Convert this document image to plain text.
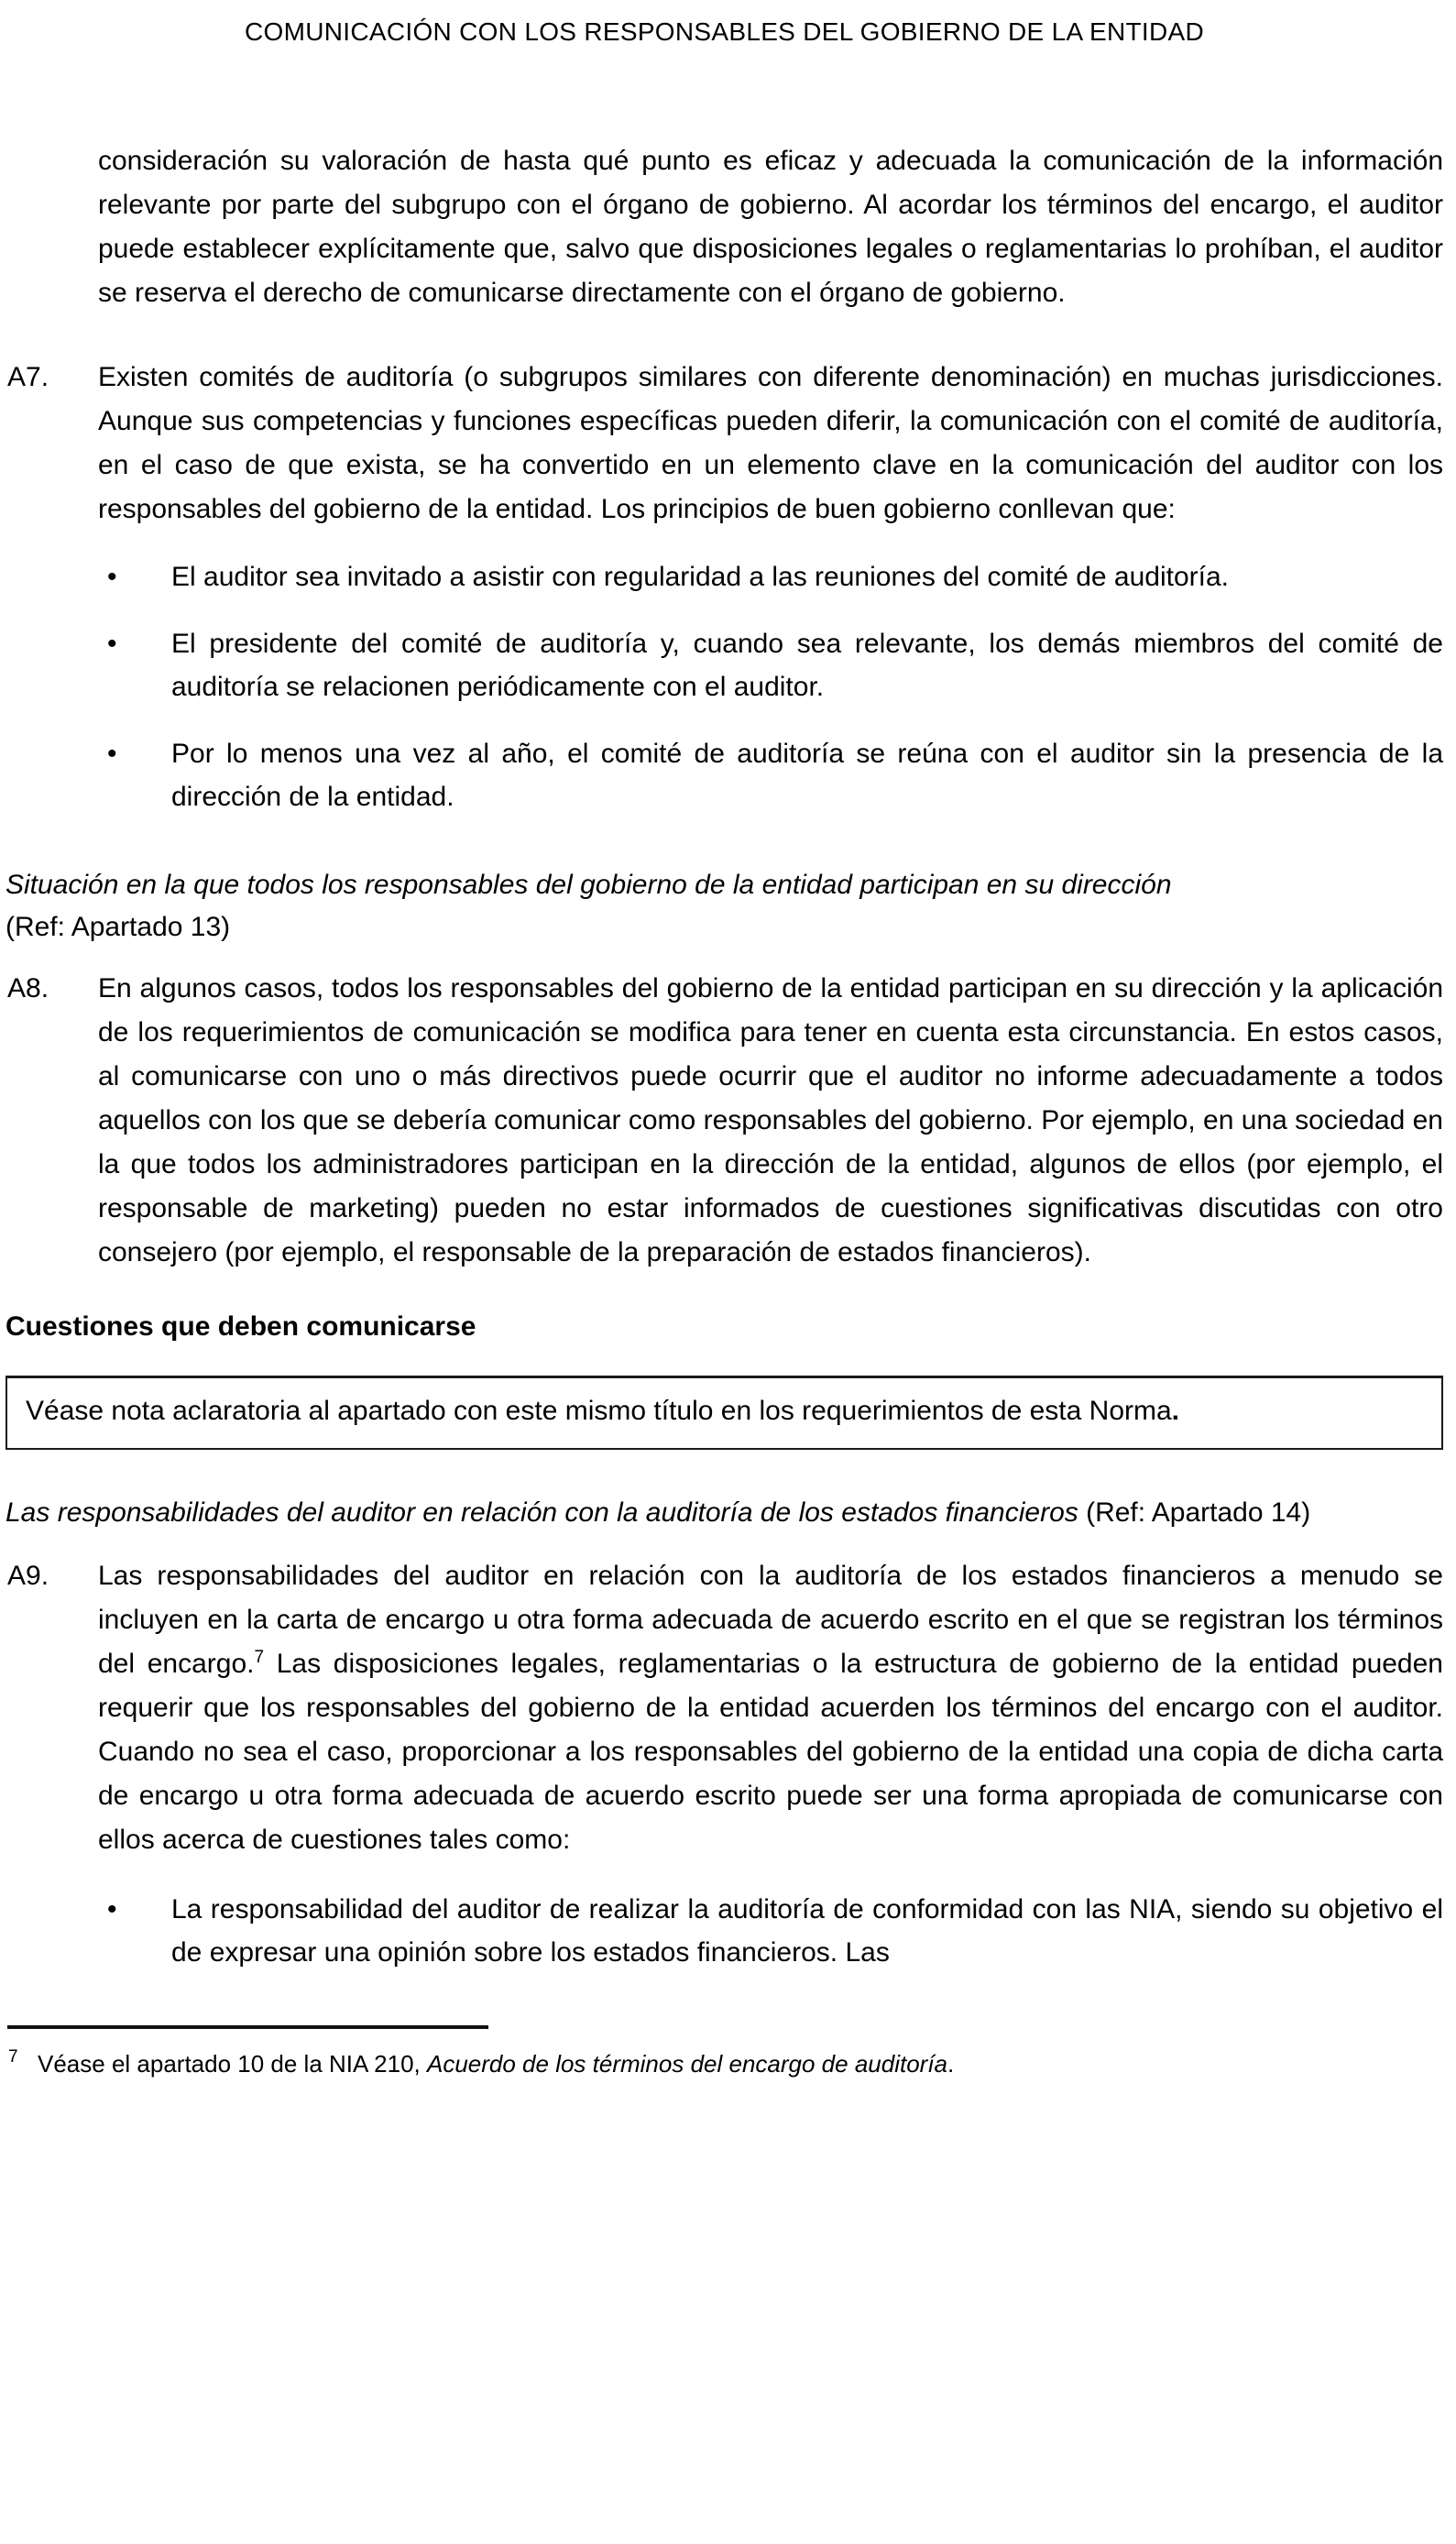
COMUNICACIÓN CON LOS RESPONSABLES DEL GOBIERNO DE LA ENTIDAD

consideración su valoración de hasta qué punto es eficaz y adecuada la comunicación de la información relevante por parte del subgrupo con el órgano de gobierno. Al acordar los términos del encargo, el auditor puede establecer explícitamente que, salvo que disposiciones legales o reglamentarias lo prohíban, el auditor se reserva el derecho de comunicarse directamente con el órgano de gobierno.

A7. Existen comités de auditoría (o subgrupos similares con diferente denominación) en muchas jurisdicciones. Aunque sus competencias y funciones específicas pueden diferir, la comunicación con el comité de auditoría, en el caso de que exista, se ha convertido en un elemento clave en la comunicación del auditor con los responsables del gobierno de la entidad. Los principios de buen gobierno conllevan que:
• El auditor sea invitado a asistir con regularidad a las reuniones del comité de auditoría.
• El presidente del comité de auditoría y, cuando sea relevante, los demás miembros del comité de auditoría se relacionen periódicamente con el auditor.
• Por lo menos una vez al año, el comité de auditoría se reúna con el auditor sin la presencia de la dirección de la entidad.
Situación en la que todos los responsables del gobierno de la entidad participan en su dirección
(Ref: Apartado 13)
A8. En algunos casos, todos los responsables del gobierno de la entidad participan en su dirección y la aplicación de los requerimientos de comunicación se modifica para tener en cuenta esta circunstancia. En estos casos, al comunicarse con uno o más directivos puede ocurrir que el auditor no informe adecuadamente a todos aquellos con los que se debería comunicar como responsables del gobierno. Por ejemplo, en una sociedad en la que todos los administradores participan en la dirección de la entidad, algunos de ellos (por ejemplo, el responsable de marketing) pueden no estar informados de cuestiones significativas discutidas con otro consejero (por ejemplo, el responsable de la preparación de estados financieros).
Cuestiones que deben comunicarse

Véase nota aclaratoria al apartado con este mismo título en los requerimientos de esta Norma.

Las responsabilidades del auditor en relación con la auditoría de los estados financieros (Ref: Apartado 14)
A9. Las responsabilidades del auditor en relación con la auditoría de los estados financieros a menudo se incluyen en la carta de encargo u otra forma adecuada de acuerdo escrito en el que se registran los términos del encargo.$^7$ Las disposiciones legales, reglamentarias o la estructura de gobierno de la entidad pueden requerir que los responsables del gobierno de la entidad acuerden los términos del encargo con el auditor. Cuando no sea el caso, proporcionar a los responsables del gobierno de la entidad una copia de dicha carta de encargo u otra forma adecuada de acuerdo escrito puede ser una forma apropiada de comunicarse con ellos acerca de cuestiones tales como:
• La responsabilidad del auditor de realizar la auditoría de conformidad con las NIA, siendo su objetivo el de expresar una opinión sobre los estados financieros. Las
7 Véase el apartado 10 de la NIA 210, Acuerdo de los términos del encargo de auditoría.
